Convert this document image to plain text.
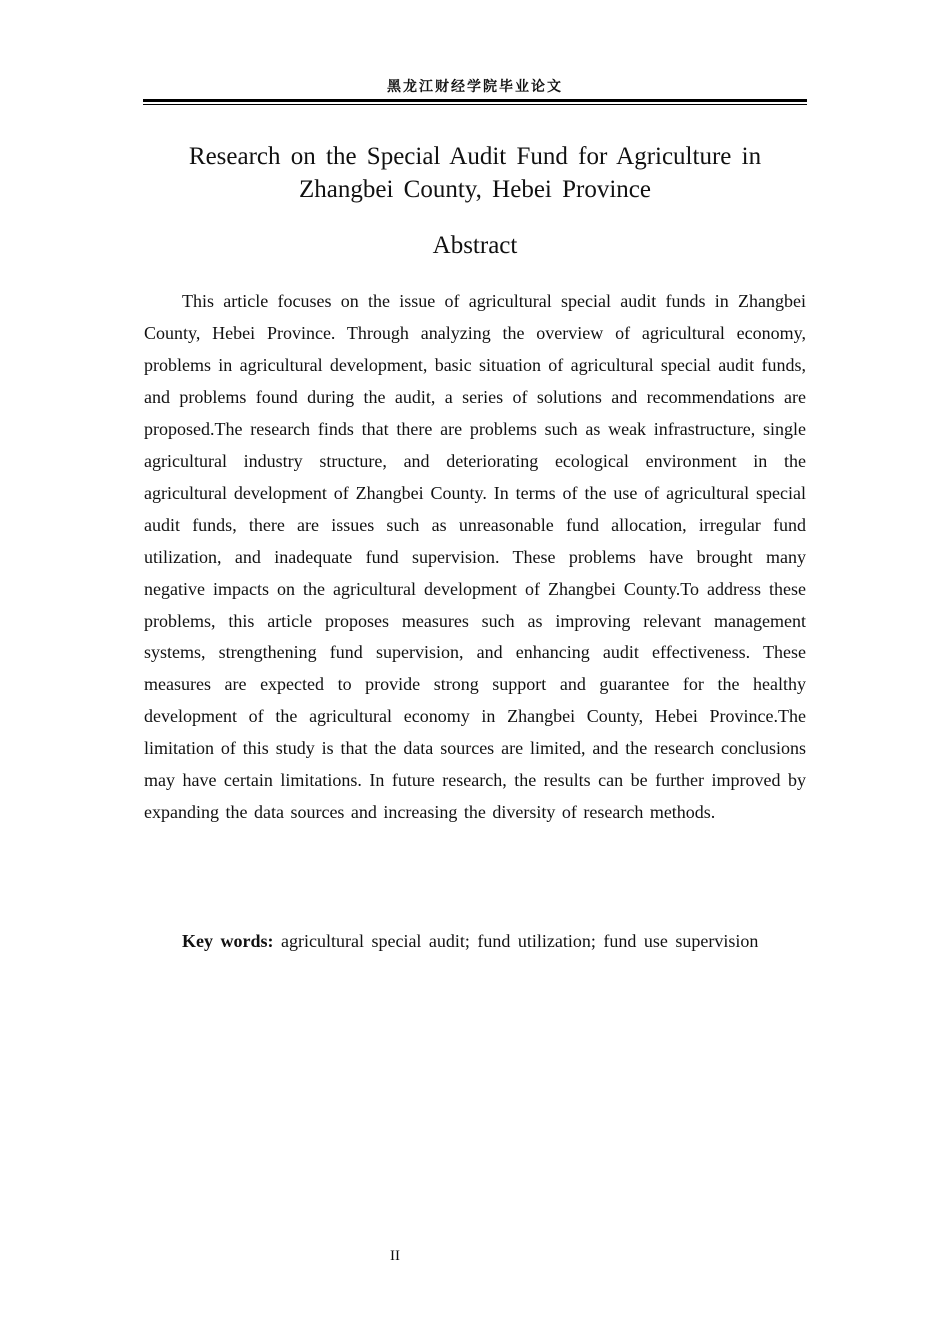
黑龙江财经学院毕业论文
Research on the Special Audit Fund for Agriculture in Zhangbei County, Hebei Province
Abstract

This article focuses on the issue of agricultural special audit funds in Zhangbei County, Hebei Province. Through analyzing the overview of agricultural economy, problems in agricultural development, basic situation of agricultural special audit funds, and problems found during the audit, a series of solutions and recommendations are proposed.The research finds that there are problems such as weak infrastructure, single agricultural industry structure, and deteriorating ecological environment in the agricultural development of Zhangbei County. In terms of the use of agricultural special audit funds, there are issues such as unreasonable fund allocation, irregular fund utilization, and inadequate fund supervision. These problems have brought many negative impacts on the agricultural development of Zhangbei County.To address these problems, this article proposes measures such as improving relevant management systems, strengthening fund supervision, and enhancing audit effectiveness. These measures are expected to provide strong support and guarantee for the healthy development of the agricultural economy in Zhangbei County, Hebei Province.The limitation of this study is that the data sources are limited, and the research conclusions may have certain limitations. In future research, the results can be further improved by expanding the data sources and increasing the diversity of research methods.

Key words: agricultural special audit; fund utilization; fund use supervision
II
